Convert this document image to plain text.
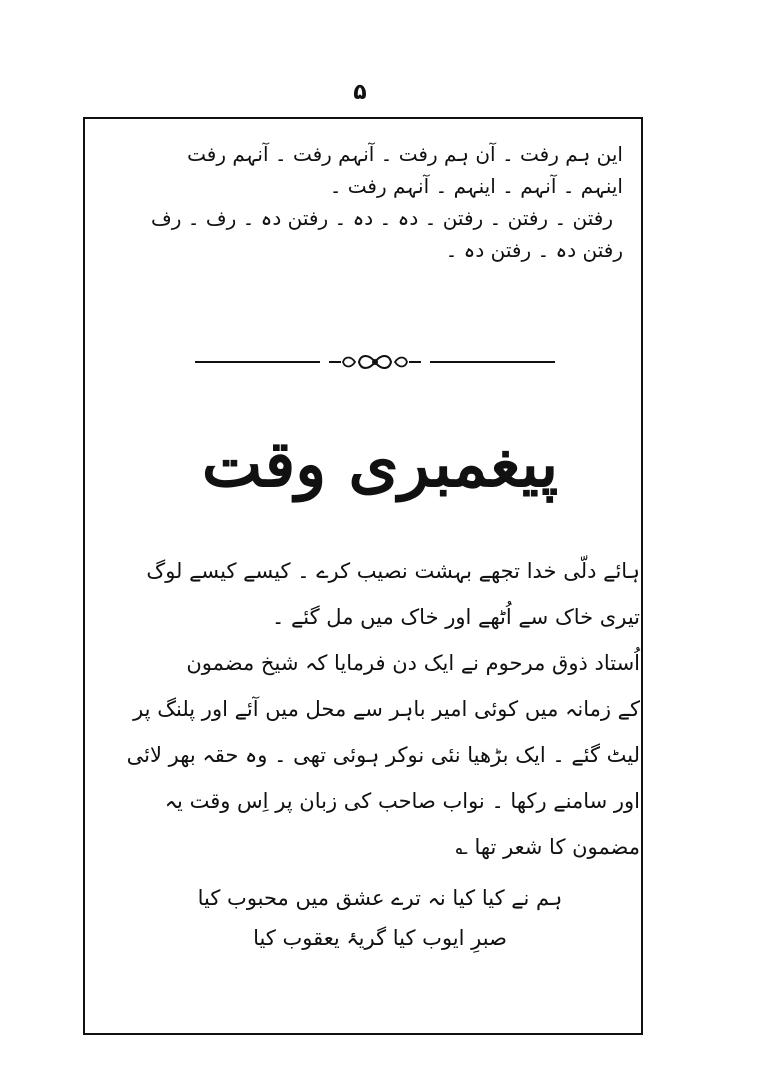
۵
این ہم رفت ۔ آن ہم رفت ۔ آنہم رفت ۔ آنہم رفت
اینہم ۔ آنہم ۔ اینہم ۔ آنہم رفت ۔
رفتن ۔ رفتن ۔ رفتن ۔ دہ ۔ دہ ۔ رفتن دہ ۔ رف ۔ رف
رفتن دہ ۔ رفتن دہ ۔
پیغمبری وقت
ہائے دلّی خدا تجھے بہشت نصیب کرے ۔ کیسے کیسے لوگ
تیری خاک سے اُٹھے اور خاک میں مل گئے ۔
اُستاد ذوق مرحوم نے ایک دن فرمایا کہ شیخ مضمون
کے زمانہ میں کوئی امیر باہر سے محل میں آئے اور پلنگ پر
لیٹ گئے ۔ ایک بڑھیا نئی نوکر ہوئی تھی ۔ وہ حقہ بھر لائی
اور سامنے رکھا ۔ نواب صاحب کی زبان پر اِس وقت یہ
مضمون کا شعر تھا ؎
ہم نے کیا کیا نہ ترے عشق میں محبوب کیا
صبرِ ایوب کیا گریۂ یعقوب کیا
